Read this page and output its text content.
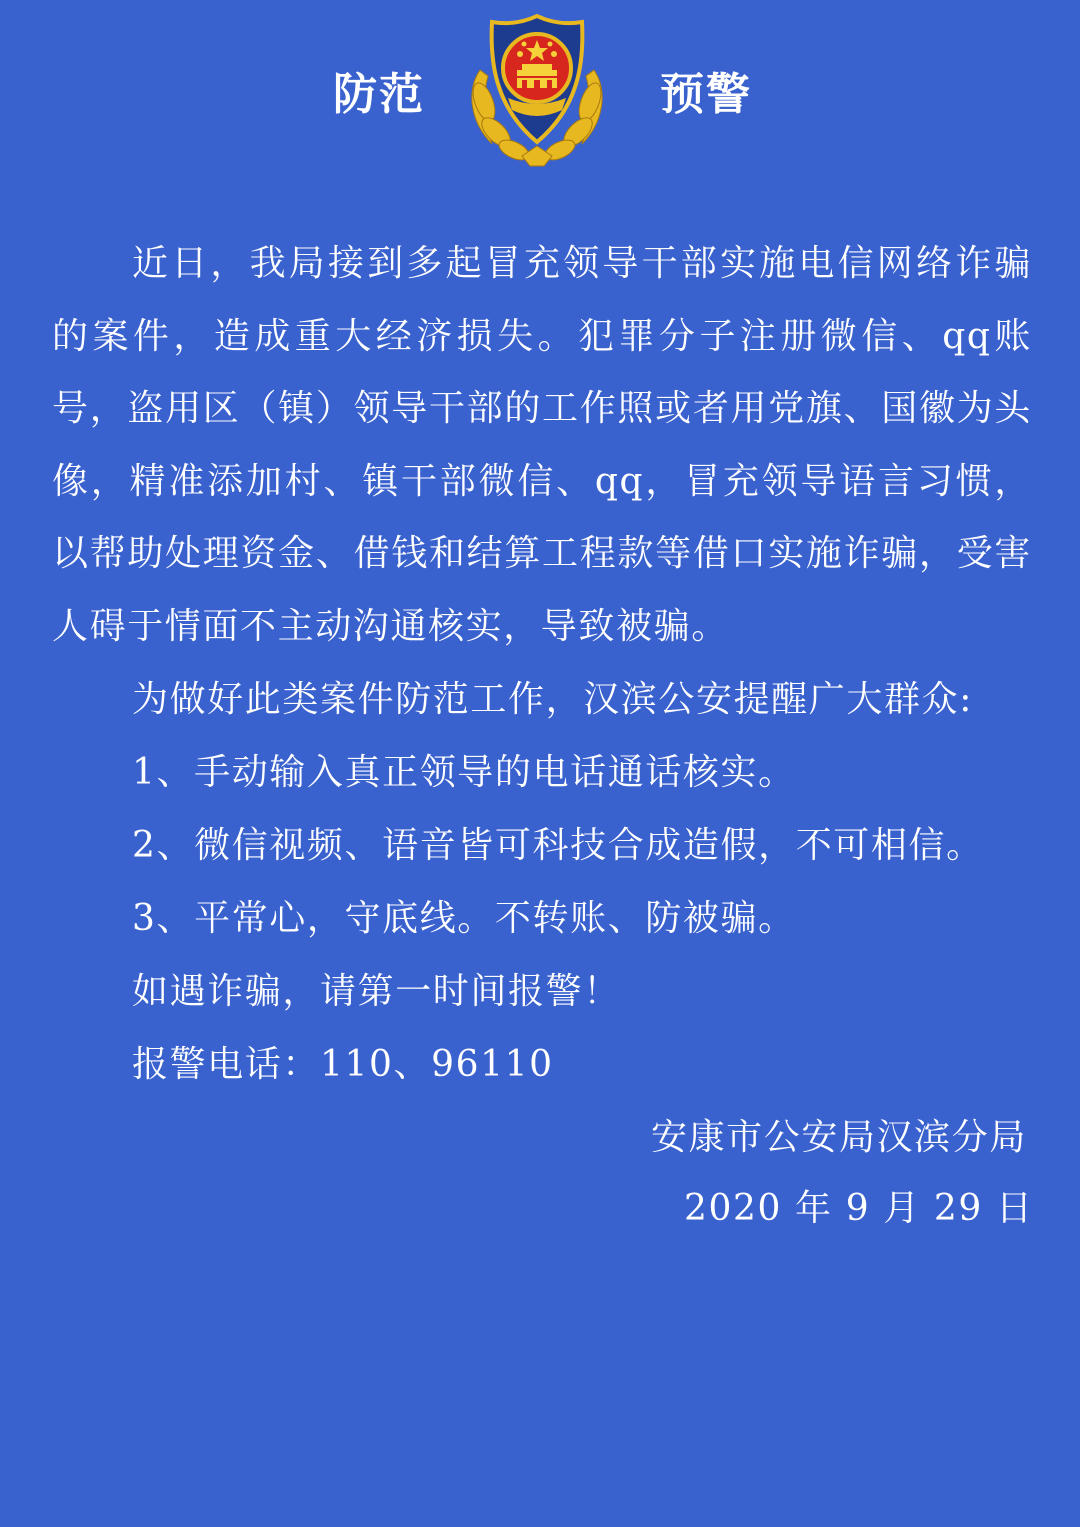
防范	预警

近日，我局接到多起冒充领导干部实施电信网络诈骗的案件，造成重大经济损失。犯罪分子注册微信、qq账号，盗用区（镇）领导干部的工作照或者用党旗、国徽为头像，精准添加村、镇干部微信、qq，冒充领导语言习惯，以帮助处理资金、借钱和结算工程款等借口实施诈骗，受害人碍于情面不主动沟通核实，导致被骗。

为做好此类案件防范工作，汉滨公安提醒广大群众:
1、手动输入真正领导的电话通话核实。
2、微信视频、语音皆可科技合成造假，不可相信。
3、平常心，守底线。不转账、防被骗。
如遇诈骗，请第一时间报警！
报警电话：110、96110
安康市公安局汉滨分局
2020 年 9 月 29 日
